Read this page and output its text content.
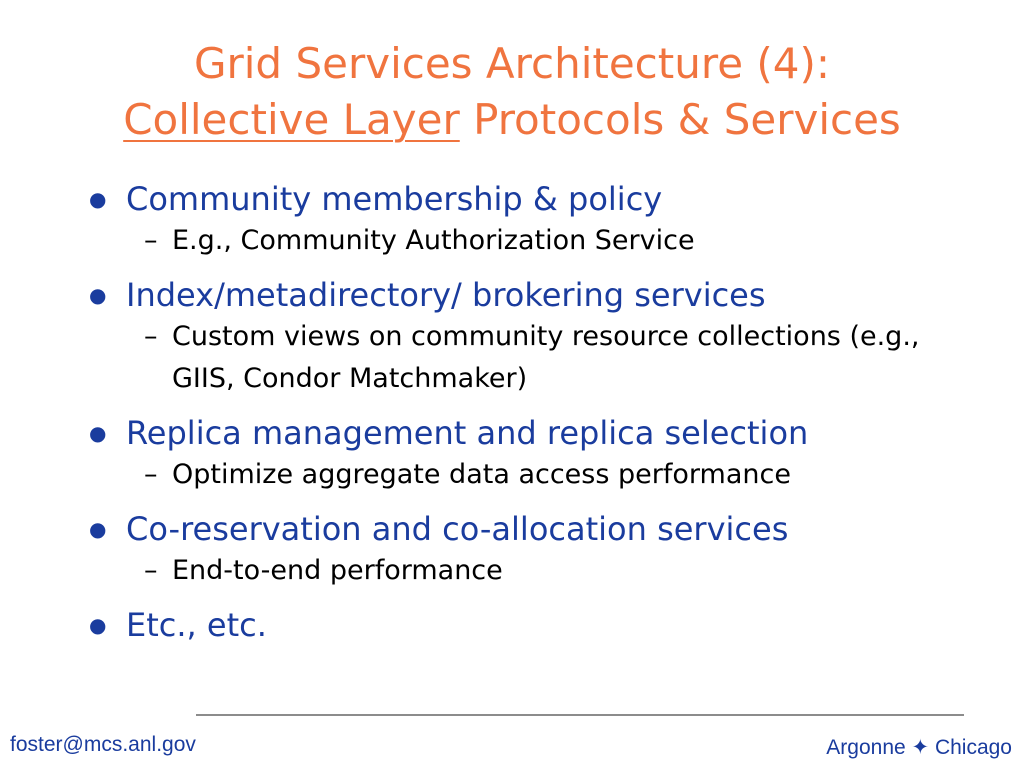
Grid Services Architecture (4):
Collective Layer Protocols & Services
● Community membership & policy
– E.g., Community Authorization Service
● Index/metadirectory/ brokering services
– Custom views on community resource collections (e.g., GIIS, Condor Matchmaker)
● Replica management and replica selection
– Optimize aggregate data access performance
● Co-reservation and co-allocation services
– End-to-end performance
● Etc., etc.
foster@mcs.anl.gov	Argonne ✦ Chicago
